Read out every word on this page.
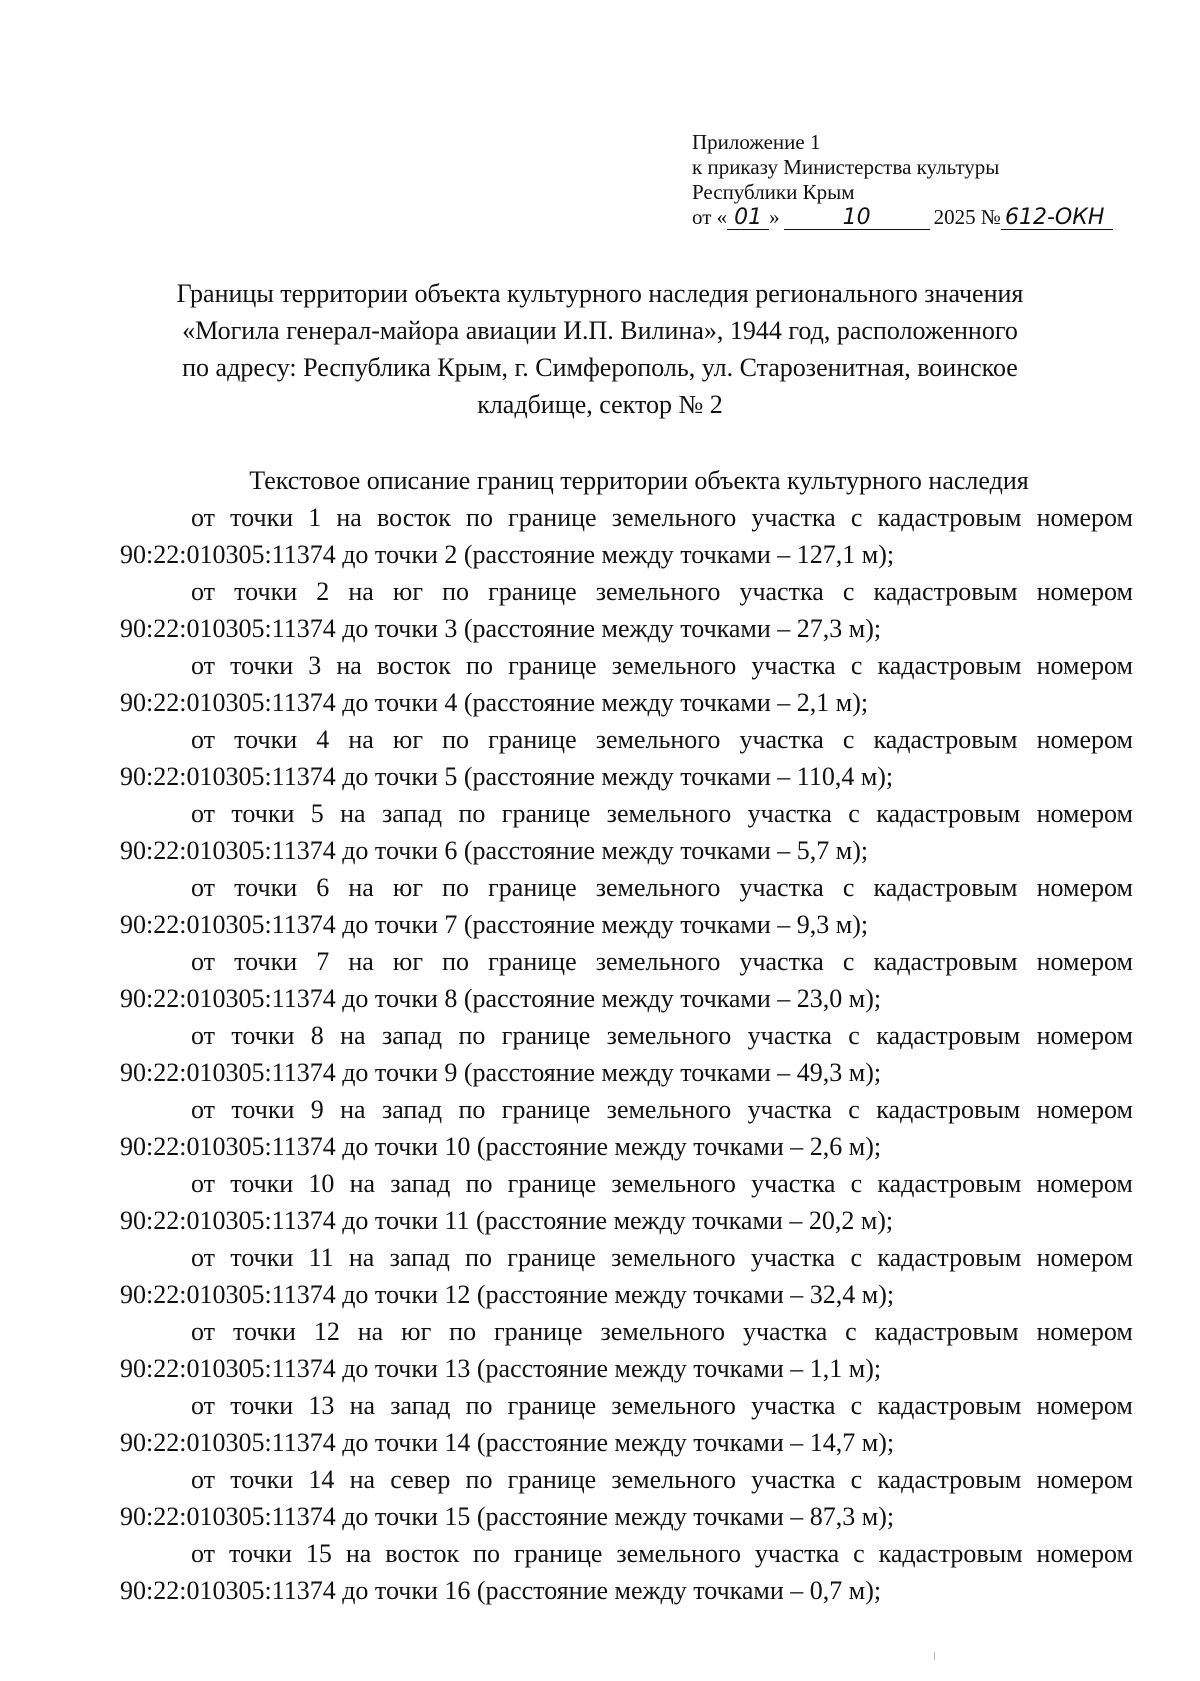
Приложение 1
к приказу Министерства культуры
Республики Крым
от « 01 »	10	2025 № 612-ОКН
Границы территории объекта культурного наследия регионального значения
«Могила генерал-майора авиации И.П. Вилина», 1944 год, расположенного
по адресу: Республика Крым, г. Симферополь, ул. Старозенитная, воинское
кладбище, сектор № 2
Текстовое описание границ территории объекта культурного наследия
от точки 1 на восток по границе земельного участка с кадастровым номером
90:22:010305:11374 до точки 2 (расстояние между точками – 127,1 м);
от точки 2 на юг по границе земельного участка с кадастровым номером
90:22:010305:11374 до точки 3 (расстояние между точками – 27,3 м);
от точки 3 на восток по границе земельного участка с кадастровым номером
90:22:010305:11374 до точки 4 (расстояние между точками – 2,1 м);
от точки 4 на юг по границе земельного участка с кадастровым номером
90:22:010305:11374 до точки 5 (расстояние между точками – 110,4 м);
от точки 5 на запад по границе земельного участка с кадастровым номером
90:22:010305:11374 до точки 6 (расстояние между точками – 5,7 м);
от точки 6 на юг по границе земельного участка с кадастровым номером
90:22:010305:11374 до точки 7 (расстояние между точками – 9,3 м);
от точки 7 на юг по границе земельного участка с кадастровым номером
90:22:010305:11374 до точки 8 (расстояние между точками – 23,0 м);
от точки 8 на запад по границе земельного участка с кадастровым номером
90:22:010305:11374 до точки 9 (расстояние между точками – 49,3 м);
от точки 9 на запад по границе земельного участка с кадастровым номером
90:22:010305:11374 до точки 10 (расстояние между точками – 2,6 м);
от точки 10 на запад по границе земельного участка с кадастровым номером
90:22:010305:11374 до точки 11 (расстояние между точками – 20,2 м);
от точки 11 на запад по границе земельного участка с кадастровым номером
90:22:010305:11374 до точки 12 (расстояние между точками – 32,4 м);
от точки 12 на юг по границе земельного участка с кадастровым номером
90:22:010305:11374 до точки 13 (расстояние между точками – 1,1 м);
от точки 13 на запад по границе земельного участка с кадастровым номером
90:22:010305:11374 до точки 14 (расстояние между точками – 14,7 м);
от точки 14 на север по границе земельного участка с кадастровым номером
90:22:010305:11374 до точки 15 (расстояние между точками – 87,3 м);
от точки 15 на восток по границе земельного участка с кадастровым номером
90:22:010305:11374 до точки 16 (расстояние между точками – 0,7 м);
